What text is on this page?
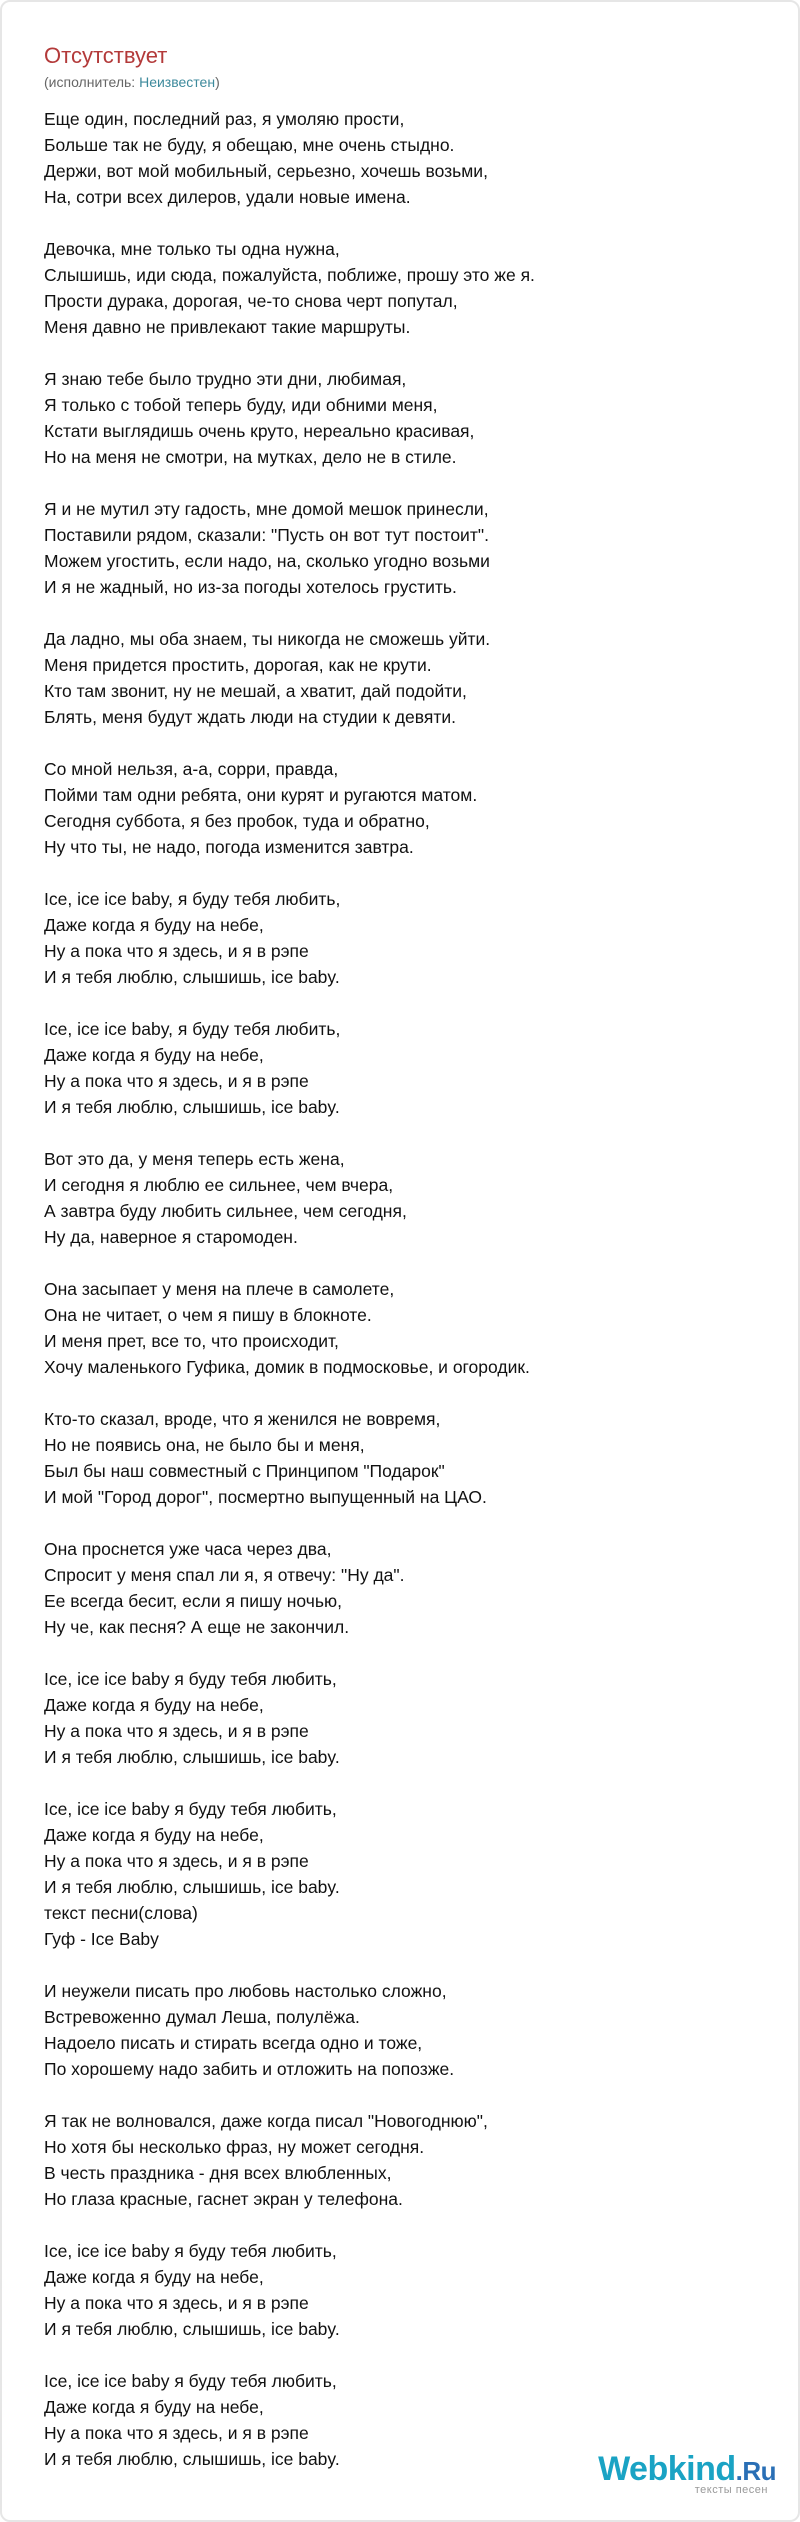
Отсутствует
(исполнитель: Неизвестен)
Еще один, последний раз, я умоляю прости,
Больше так не буду, я обещаю, мне очень стыдно.
Держи, вот мой мобильный, серьезно, хочешь возьми,
На, сотри всех дилеров, удали новые имена.
Девочка, мне только ты одна нужна,
Слышишь, иди сюда, пожалуйста, поближе, прошу это же я.
Прости дурака, дорогая, че-то снова черт попутал,
Меня давно не привлекают такие маршруты.
Я знаю тебе было трудно эти дни, любимая,
Я только с тобой теперь буду, иди обними меня,
Кстати выглядишь очень круто, нереально красивая,
Но на меня не смотри, на мутках, дело не в стиле.
Я и не мутил эту гадость, мне домой мешок принесли,
Поставили рядом, сказали: "Пусть он вот тут постоит".
Можем угостить, если надо, на, сколько угодно возьми
И я не жадный, но из-за погоды хотелось грустить.
Да ладно, мы оба знаем, ты никогда не сможешь уйти.
Меня придется простить, дорогая, как не крути.
Кто там звонит, ну не мешай, а хватит, дай подойти,
Блять, меня будут ждать люди на студии к девяти.
Со мной нельзя, а-а, сорри, правда,
Пойми там одни ребята, они курят и ругаются матом.
Сегодня суббота, я без пробок, туда и обратно,
Ну что ты, не надо, погода изменится завтра.
Ice, ice ice baby, я буду тебя любить,
Даже когда я буду на небе,
Ну а пока что я здесь, и я в рэпе
И я тебя люблю, слышишь, ice baby.
Ice, ice ice baby, я буду тебя любить,
Даже когда я буду на небе,
Ну а пока что я здесь, и я в рэпе
И я тебя люблю, слышишь, ice baby.
Вот это да, у меня теперь есть жена,
И сегодня я люблю ее сильнее, чем вчера,
А завтра буду любить сильнее, чем сегодня,
Ну да, наверное я старомоден.
Она засыпает у меня на плече в самолете,
Она не читает, о чем я пишу в блокноте.
И меня прет, все то, что происходит,
Хочу маленького Гуфика, домик в подмосковье, и огородик.
Кто-то сказал, вроде, что я женился не вовремя,
Но не появись она, не было бы и меня,
Был бы наш совместный с Принципом "Подарок"
И мой "Город дорог", посмертно выпущенный на ЦАО.
Она проснется уже часа через два,
Спросит у меня спал ли я, я отвечу: "Ну да".
Ее всегда бесит, если я пишу ночью,
Ну че, как песня? А еще не закончил.
Ice, ice ice baby я буду тебя любить,
Даже когда я буду на небе,
Ну а пока что я здесь, и я в рэпе
И я тебя люблю, слышишь, ice baby.
Ice, ice ice baby я буду тебя любить,
Даже когда я буду на небе,
Ну а пока что я здесь, и я в рэпе
И я тебя люблю, слышишь, ice baby.
текст песни(слова)
Гуф - Ice Baby
И неужели писать про любовь настолько сложно,
Встревоженно думал Леша, полулёжа.
Надоело писать и стирать всегда одно и тоже,
По хорошему надо забить и отложить на попозже.
Я так не волновался, даже когда писал "Новогоднюю",
Но хотя бы несколько фраз, ну может сегодня.
В честь праздника - дня всех влюбленных,
Но глаза красные, гаснет экран у телефона.
Ice, ice ice baby я буду тебя любить,
Даже когда я буду на небе,
Ну а пока что я здесь, и я в рэпе
И я тебя люблю, слышишь, ice baby.
Ice, ice ice baby я буду тебя любить,
Даже когда я буду на небе,
Ну а пока что я здесь, и я в рэпе
И я тебя люблю, слышишь, ice baby.	Webkind.Ru
тексты песен
